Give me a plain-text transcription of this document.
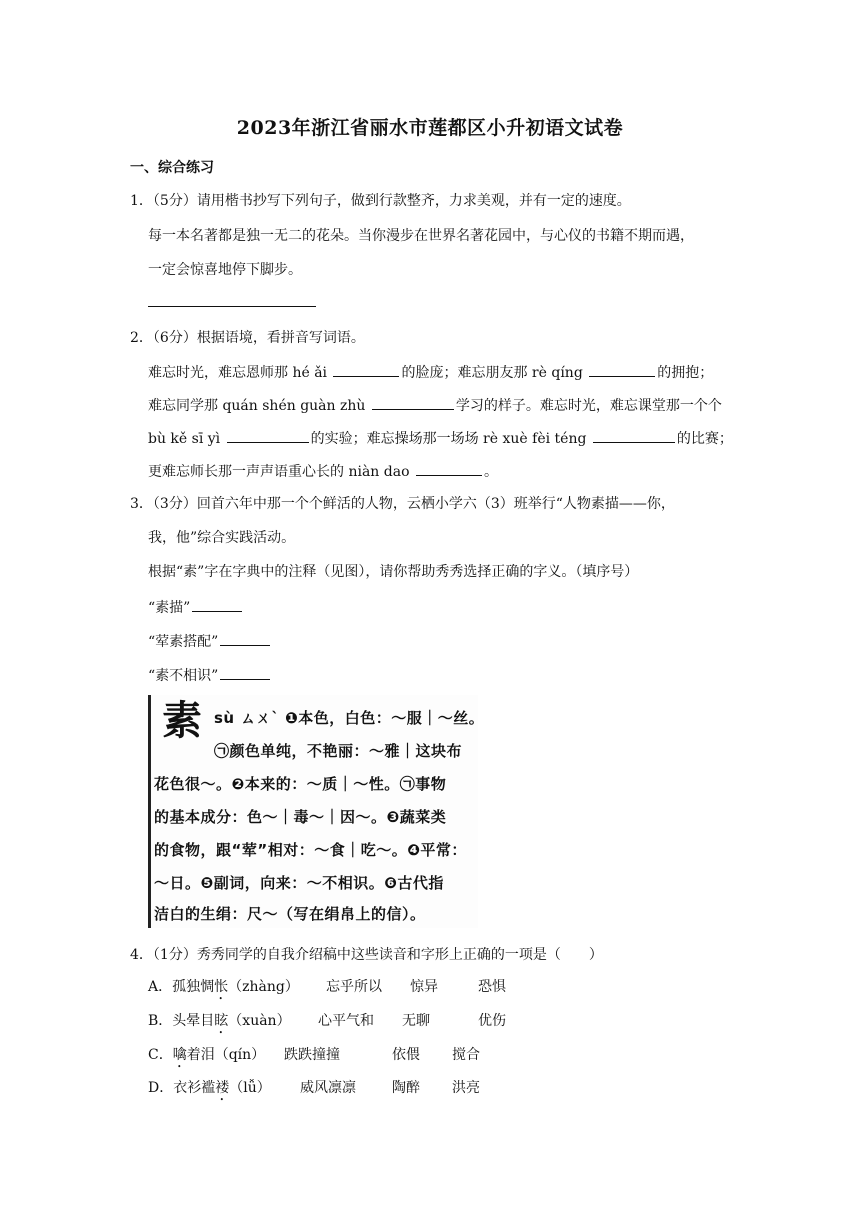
2023年浙江省丽水市莲都区小升初语文试卷
一、综合练习
1．（5分）请用楷书抄写下列句子，做到行款整齐，力求美观，并有一定的速度。
每一本名著都是独一无二的花朵。当你漫步在世界名著花园中，与心仪的书籍不期而遇，
一定会惊喜地停下脚步。
2．（6分）根据语境，看拼音写词语。
难忘时光，难忘恩师那 hé ǎi	的脸庞；难忘朋友那 rè qíng	的拥抱；
难忘同学那 quán shén guàn zhù	学习的样子。难忘时光，难忘课堂那一个个
bù kě sī yì	的实验；难忘操场那一场场 rè xuè fèi téng	的比赛；
更难忘师长那一声声语重心长的 niàn dao	。
3．（3分）回首六年中那一个个鲜活的人物，云栖小学六（3）班举行“人物素描——你，
我，他”综合实践活动。
根据“素”字在字典中的注释（见图），请你帮助秀秀选择正确的字义。（填序号）
“素描”
“荤素搭配”
“素不相识”
素 sù ㄙㄨˋ ❶本色，白色：～服｜～丝。
㉠颜色单纯，不艳丽：～雅｜这块布
花色很～。❷本来的：～质｜～性。㉠事物
的基本成分：色～｜毒～｜因～。❸蔬菜类
的食物，跟“荤”相对：～食｜吃～。❹平常：
～日。❺副词，向来：～不相识。❻古代指
洁白的生绢：尺～（写在绢帛上的信）。
4．（1分）秀秀同学的自我介绍稿中这些读音和字形上正确的一项是（　　）
A．孤独惆怅（zhàng） 忘乎所以 惊异	恐惧
B．头晕目眩（xuàn） 心平气和 无聊	优伤
C．噙着泪（qín） 跌跌撞撞	依偎 搅合
D．衣衫褴褛（lǚ） 威风凛凛	陶醉 洪亮
